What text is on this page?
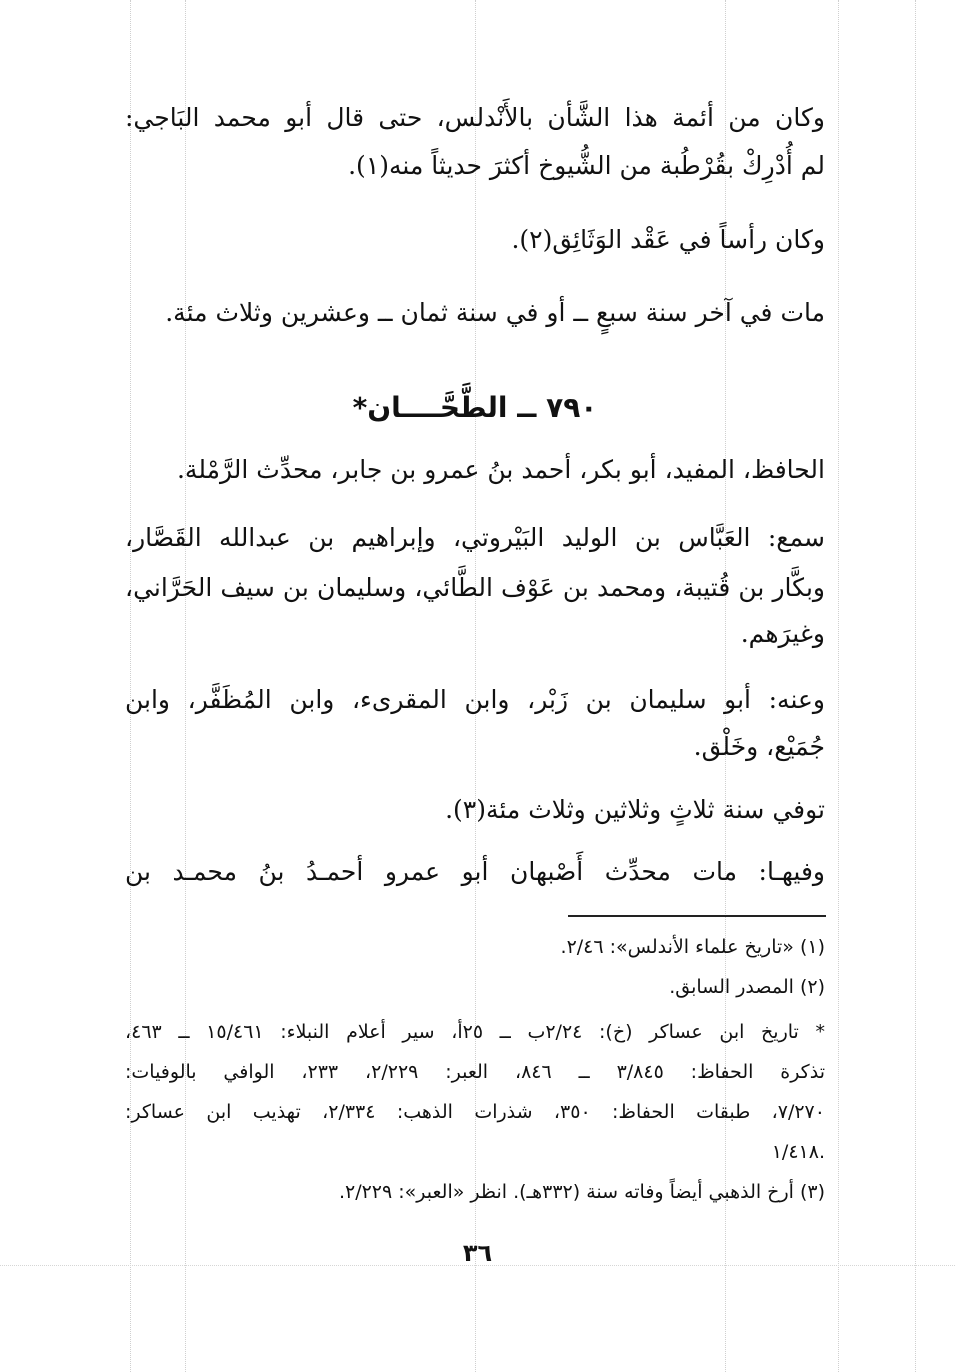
وكان من أئمة هذا الشَّأن بالأَنْدلس، حتى قال أبو محمد البَاجي:
لم أُدْرِكْ بقُرْطُبة من الشُّيوخ أكثرَ حديثاً منه(١).
وكان رأساً في عَقْد الوَثَائِق(٢).
مات في آخر سنة سبعٍ ــ أو في سنة ثمان ــ وعشرين وثلاث مئة.
٧٩٠ ــ الطَّحَّــــان*
الحافظ، المفيد، أبو بكر، أحمد بنُ عمرو بن جابر، محدِّث الرَّمْلة.
سمع: العَبَّاس بن الوليد البَيْروتي، وإبراهيم بن عبدالله القَصَّار،
وبكَّار بن قُتيبة، ومحمد بن عَوْف الطَّائي، وسليمان بن سيف الحَرَّاني،
وغيرَهم.
وعنه: أبو سليمان بن زَبْر، وابن المقرىء، وابن المُظَفَّر، وابن
جُمَيْع، وخَلْق.
توفي سنة ثلاثٍ وثلاثين وثلاث مئة(٣).
وفيهـا: مات محدِّث أَصْبهان أبو عمرو أحمـدُ بنُ محمـد بن
(١) «تاريخ علماء الأندلس»: ٢/٤٦.
(٢) المصدر السابق.
* تاريخ ابن عساكر (خ): ٢/٢٤ب ــ ٢٥أ، سير أعلام النبلاء: ١٥/٤٦١ ــ ٤٦٣،
تذكرة الحفاظ: ٣/٨٤٥ ــ ٨٤٦، العبر: ٢/٢٢٩، ٢٣٣، الوافي بالوفيات:
٧/٢٧٠، طبقات الحفاظ: ٣٥٠، شذرات الذهب: ٢/٣٣٤، تهذيب ابن عساكر:
١/٤١٨.
(٣) أرخ الذهبي أيضاً وفاته سنة (٣٣٢هـ). انظر «العبر»: ٢/٢٢٩.
٣٦
